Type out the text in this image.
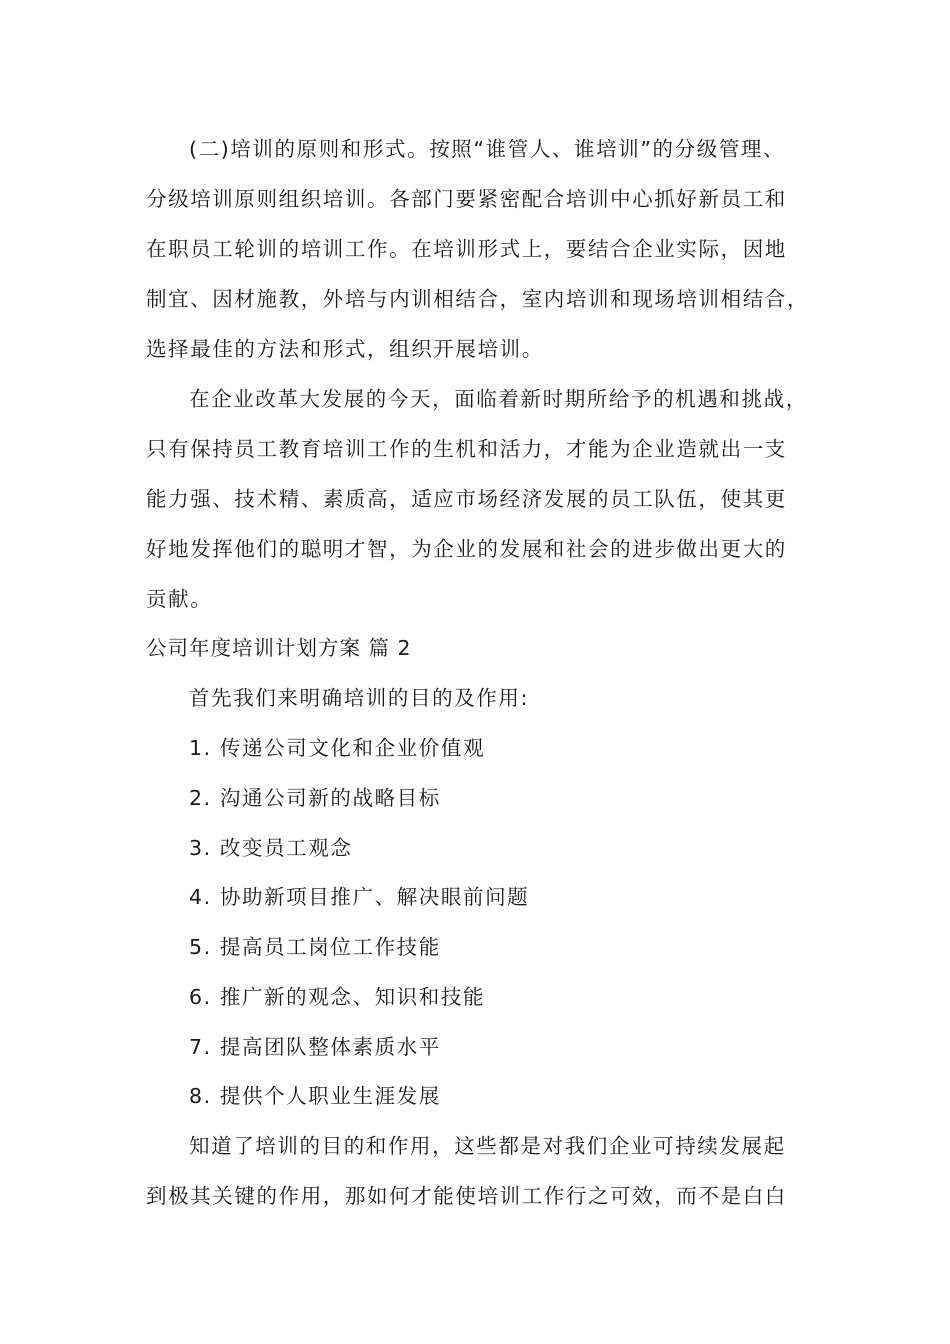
(二)培训的原则和形式。按照“谁管人、谁培训”的分级管理、
分级培训原则组织培训。各部门要紧密配合培训中心抓好新员工和
在职员工轮训的培训工作。在培训形式上，要结合企业实际，因地
制宜、因材施教，外培与内训相结合，室内培训和现场培训相结合，
选择最佳的方法和形式，组织开展培训。
在企业改革大发展的今天，面临着新时期所给予的机遇和挑战，
只有保持员工教育培训工作的生机和活力，才能为企业造就出一支
能力强、技术精、素质高，适应市场经济发展的员工队伍，使其更
好地发挥他们的聪明才智，为企业的发展和社会的进步做出更大的
贡献。
公司年度培训计划方案 篇 2
首先我们来明确培训的目的及作用:
1. 传递公司文化和企业价值观
2. 沟通公司新的战略目标
3. 改变员工观念
4. 协助新项目推广、解决眼前问题
5. 提高员工岗位工作技能
6. 推广新的观念、知识和技能
7. 提高团队整体素质水平
8. 提供个人职业生涯发展
知道了培训的目的和作用，这些都是对我们企业可持续发展起
到极其关键的作用，那如何才能使培训工作行之可效，而不是白白
